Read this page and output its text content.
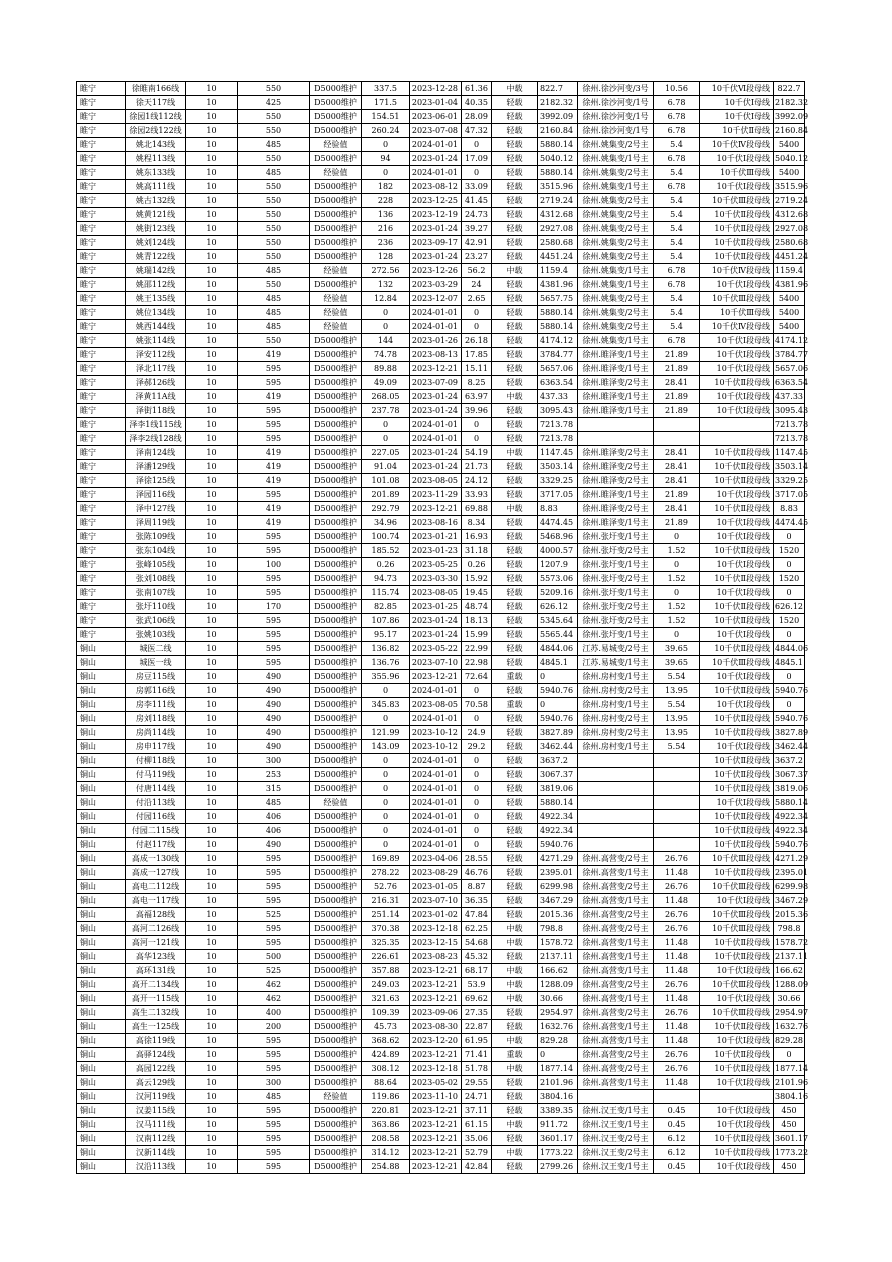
睢宁	徐睢南166线	10	550	D5000维护	337.5	2023-12-28	61.36	中载	822.7	徐州.徐沙河变/3号	10.56	10千伏Ⅵ段母线	822.7
睢宁	徐天117线	10	425	D5000维护	171.5	2023-01-04	40.35	轻载	2182.32	徐州.徐沙河变/1号	6.78	10千伏Ⅰ母线	2182.32
睢宁	徐园1线112线	10	550	D5000维护	154.51	2023-06-01	28.09	轻载	3992.09	徐州.徐沙河变/1号	6.78	10千伏Ⅰ母线	3992.09
睢宁	徐园2线122线	10	550	D5000维护	260.24	2023-07-08	47.32	轻载	2160.84	徐州.徐沙河变/1号	6.78	10千伏Ⅱ母线	2160.84
睢宁	姚北143线	10	485	经验值	0	2024-01-01	0	轻载	5880.14	徐州.姚集变/2号主	5.4	10千伏Ⅳ段母线	5400
睢宁	姚程113线	10	550	D5000维护	94	2023-01-24	17.09	轻载	5040.12	徐州.姚集变/1号主	6.78	10千伏Ⅰ段母线	5040.12
睢宁	姚东133线	10	485	经验值	0	2024-01-01	0	轻载	5880.14	徐州.姚集变/2号主	5.4	10千伏Ⅲ母线	5400
睢宁	姚高111线	10	550	D5000维护	182	2023-08-12	33.09	轻载	3515.96	徐州.姚集变/1号主	6.78	10千伏Ⅰ段母线	3515.96
睢宁	姚古132线	10	550	D5000维护	228	2023-12-25	41.45	轻载	2719.24	徐州.姚集变/2号主	5.4	10千伏Ⅲ段母线	2719.24
睢宁	姚黄121线	10	550	D5000维护	136	2023-12-19	24.73	轻载	4312.68	徐州.姚集变/2号主	5.4	10千伏Ⅱ段母线	4312.68
睢宁	姚街123线	10	550	D5000维护	216	2023-01-24	39.27	轻载	2927.08	徐州.姚集变/2号主	5.4	10千伏Ⅱ段母线	2927.08
睢宁	姚刘124线	10	550	D5000维护	236	2023-09-17	42.91	轻载	2580.68	徐州.姚集变/2号主	5.4	10千伏Ⅱ段母线	2580.68
睢宁	姚青122线	10	550	D5000维护	128	2023-01-24	23.27	轻载	4451.24	徐州.姚集变/2号主	5.4	10千伏Ⅱ段母线	4451.24
睢宁	姚瑞142线	10	485	经验值	272.56	2023-12-26	56.2	中载	1159.4	徐州.姚集变/1号主	6.78	10千伏Ⅳ段母线	1159.4
睢宁	姚邵112线	10	550	D5000维护	132	2023-03-29	24	轻载	4381.96	徐州.姚集变/1号主	6.78	10千伏Ⅰ段母线	4381.96
睢宁	姚王135线	10	485	经验值	12.84	2023-12-07	2.65	轻载	5657.75	徐州.姚集变/2号主	5.4	10千伏Ⅲ段母线	5400
睢宁	姚位134线	10	485	经验值	0	2024-01-01	0	轻载	5880.14	徐州.姚集变/2号主	5.4	10千伏Ⅲ母线	5400
睢宁	姚西144线	10	485	经验值	0	2024-01-01	0	轻载	5880.14	徐州.姚集变/2号主	5.4	10千伏Ⅳ段母线	5400
睢宁	姚张114线	10	550	D5000维护	144	2023-01-26	26.18	轻载	4174.12	徐州.姚集变/1号主	6.78	10千伏Ⅰ段母线	4174.12
睢宁	泽安112线	10	419	D5000维护	74.78	2023-08-13	17.85	轻载	3784.77	徐州.睢泽变/1号主	21.89	10千伏Ⅰ段母线	3784.77
睢宁	泽北117线	10	595	D5000维护	89.88	2023-12-21	15.11	轻载	5657.06	徐州.睢泽变/1号主	21.89	10千伏Ⅰ段母线	5657.06
睢宁	泽郝126线	10	595	D5000维护	49.09	2023-07-09	8.25	轻载	6363.54	徐州.睢泽变/2号主	28.41	10千伏Ⅱ段母线	6363.54
睢宁	泽黄11A线	10	419	D5000维护	268.05	2023-01-24	63.97	中载	437.33	徐州.睢泽变/1号主	21.89	10千伏Ⅰ段母线	437.33
睢宁	泽街118线	10	595	D5000维护	237.78	2023-01-24	39.96	轻载	3095.43	徐州.睢泽变/1号主	21.89	10千伏Ⅰ段母线	3095.43
睢宁	泽李1线115线	10	595	D5000维护	0	2024-01-01	0	轻载	7213.78				7213.78
睢宁	泽李2线128线	10	595	D5000维护	0	2024-01-01	0	轻载	7213.78				7213.78
睢宁	泽南124线	10	419	D5000维护	227.05	2023-01-24	54.19	中载	1147.45	徐州.睢泽变/2号主	28.41	10千伏Ⅱ段母线	1147.45
睢宁	泽潘129线	10	419	D5000维护	91.04	2023-01-24	21.73	轻载	3503.14	徐州.睢泽变/2号主	28.41	10千伏Ⅱ段母线	3503.14
睢宁	泽徐125线	10	419	D5000维护	101.08	2023-08-05	24.12	轻载	3329.25	徐州.睢泽变/2号主	28.41	10千伏Ⅱ段母线	3329.25
睢宁	泽园116线	10	595	D5000维护	201.89	2023-11-29	33.93	轻载	3717.05	徐州.睢泽变/1号主	21.89	10千伏Ⅰ段母线	3717.05
睢宁	泽中127线	10	419	D5000维护	292.79	2023-12-21	69.88	中载	8.83	徐州.睢泽变/2号主	28.41	10千伏Ⅱ段母线	8.83
睢宁	泽周119线	10	419	D5000维护	34.96	2023-08-16	8.34	轻载	4474.45	徐州.睢泽变/1号主	21.89	10千伏Ⅰ段母线	4474.45
睢宁	张陈109线	10	595	D5000维护	100.74	2023-01-21	16.93	轻载	5468.96	徐州.张圩变/1号主	0	10千伏Ⅰ段母线	0
睢宁	张东104线	10	595	D5000维护	185.52	2023-01-23	31.18	轻载	4000.57	徐州.张圩变/2号主	1.52	10千伏Ⅱ段母线	1520
睢宁	张峰105线	10	100	D5000维护	0.26	2023-05-25	0.26	轻载	1207.9	徐州.张圩变/1号主	0	10千伏Ⅰ段母线	0
睢宁	张刘108线	10	595	D5000维护	94.73	2023-03-30	15.92	轻载	5573.06	徐州.张圩变/2号主	1.52	10千伏Ⅱ段母线	1520
睢宁	张南107线	10	595	D5000维护	115.74	2023-08-05	19.45	轻载	5209.16	徐州.张圩变/1号主	0	10千伏Ⅰ段母线	0
睢宁	张圩110线	10	170	D5000维护	82.85	2023-01-25	48.74	轻载	626.12	徐州.张圩变/2号主	1.52	10千伏Ⅱ段母线	626.12
睢宁	张武106线	10	595	D5000维护	107.86	2023-01-24	18.13	轻载	5345.64	徐州.张圩变/2号主	1.52	10千伏Ⅱ段母线	1520
睢宁	张姚103线	10	595	D5000维护	95.17	2023-01-24	15.99	轻载	5565.44	徐州.张圩变/1号主	0	10千伏Ⅰ段母线	0
铜山	城医二线	10	595	D5000维护	136.82	2023-05-22	22.99	轻载	4844.06	江苏.易城变/2号主	39.65	10千伏Ⅱ段母线	4844.06
铜山	城医一线	10	595	D5000维护	136.76	2023-07-10	22.98	轻载	4845.1	江苏.易城变/1号主	39.65	10千伏Ⅲ段母线	4845.1
铜山	房豆115线	10	490	D5000维护	355.96	2023-12-21	72.64	重载	0	徐州.房村变/1号主	5.54	10千伏Ⅰ段母线	0
铜山	房郭116线	10	490	D5000维护	0	2024-01-01	0	轻载	5940.76	徐州.房村变/2号主	13.95	10千伏Ⅱ段母线	5940.76
铜山	房李111线	10	490	D5000维护	345.83	2023-08-05	70.58	重载	0	徐州.房村变/1号主	5.54	10千伏Ⅰ段母线	0
铜山	房刘118线	10	490	D5000维护	0	2024-01-01	0	轻载	5940.76	徐州.房村变/2号主	13.95	10千伏Ⅱ段母线	5940.76
铜山	房尚114线	10	490	D5000维护	121.99	2023-10-12	24.9	轻载	3827.89	徐州.房村变/2号主	13.95	10千伏Ⅱ段母线	3827.89
铜山	房申117线	10	490	D5000维护	143.09	2023-10-12	29.2	轻载	3462.44	徐州.房村变/1号主	5.54	10千伏Ⅰ段母线	3462.44
铜山	付柳118线	10	300	D5000维护	0	2024-01-01	0	轻载	3637.2			10千伏Ⅱ段母线	3637.2
铜山	付马119线	10	253	D5000维护	0	2024-01-01	0	轻载	3067.37			10千伏Ⅱ段母线	3067.37
铜山	付唐114线	10	315	D5000维护	0	2024-01-01	0	轻载	3819.06			10千伏Ⅱ段母线	3819.06
铜山	付沿113线	10	485	经验值	0	2024-01-01	0	轻载	5880.14			10千伏Ⅰ段母线	5880.14
铜山	付园116线	10	406	D5000维护	0	2024-01-01	0	轻载	4922.34			10千伏Ⅱ段母线	4922.34
铜山	付园二115线	10	406	D5000维护	0	2024-01-01	0	轻载	4922.34			10千伏Ⅱ段母线	4922.34
铜山	付赵117线	10	490	D5000维护	0	2024-01-01	0	轻载	5940.76			10千伏Ⅱ段母线	5940.76
铜山	高成一130线	10	595	D5000维护	169.89	2023-04-06	28.55	轻载	4271.29	徐州.高营变/2号主	26.76	10千伏Ⅲ段母线	4271.29
铜山	高成一127线	10	595	D5000维护	278.22	2023-08-29	46.76	轻载	2395.01	徐州.高营变/1号主	11.48	10千伏Ⅱ段母线	2395.01
铜山	高电二112线	10	595	D5000维护	52.76	2023-01-05	8.87	轻载	6299.98	徐州.高营变/2号主	26.76	10千伏Ⅲ段母线	6299.98
铜山	高电一117线	10	595	D5000维护	216.31	2023-07-10	36.35	轻载	3467.29	徐州.高营变/1号主	11.48	10千伏Ⅰ段母线	3467.29
铜山	高福128线	10	525	D5000维护	251.14	2023-01-02	47.84	轻载	2015.36	徐州.高营变/2号主	26.76	10千伏Ⅲ段母线	2015.36
铜山	高河二126线	10	595	D5000维护	370.38	2023-12-18	62.25	中载	798.8	徐州.高营变/2号主	26.76	10千伏Ⅲ段母线	798.8
铜山	高河一121线	10	595	D5000维护	325.35	2023-12-15	54.68	中载	1578.72	徐州.高营变/1号主	11.48	10千伏Ⅱ段母线	1578.72
铜山	高华123线	10	500	D5000维护	226.61	2023-08-23	45.32	轻载	2137.11	徐州.高营变/1号主	11.48	10千伏Ⅱ段母线	2137.11
铜山	高环131线	10	525	D5000维护	357.88	2023-12-21	68.17	中载	166.62	徐州.高营变/1号主	11.48	10千伏Ⅰ段母线	166.62
铜山	高开二134线	10	462	D5000维护	249.03	2023-12-21	53.9	中载	1288.09	徐州.高营变/2号主	26.76	10千伏Ⅲ段母线	1288.09
铜山	高开一115线	10	462	D5000维护	321.63	2023-12-21	69.62	中载	30.66	徐州.高营变/1号主	11.48	10千伏Ⅰ段母线	30.66
铜山	高生二132线	10	400	D5000维护	109.39	2023-09-06	27.35	轻载	2954.97	徐州.高营变/2号主	26.76	10千伏Ⅲ段母线	2954.97
铜山	高生一125线	10	200	D5000维护	45.73	2023-08-30	22.87	轻载	1632.76	徐州.高营变/1号主	11.48	10千伏Ⅱ段母线	1632.76
铜山	高徐119线	10	595	D5000维护	368.62	2023-12-20	61.95	中载	829.28	徐州.高营变/1号主	11.48	10千伏Ⅰ段母线	829.28
铜山	高驿124线	10	595	D5000维护	424.89	2023-12-21	71.41	重载	0	徐州.高营变/2号主	26.76	10千伏Ⅱ段母线	0
铜山	高园122线	10	595	D5000维护	308.12	2023-12-18	51.78	中载	1877.14	徐州.高营变/2号主	26.76	10千伏Ⅱ段母线	1877.14
铜山	高云129线	10	300	D5000维护	88.64	2023-05-02	29.55	轻载	2101.96	徐州.高营变/1号主	11.48	10千伏Ⅰ段母线	2101.96
铜山	汉河119线	10	485	经验值	119.86	2023-11-10	24.71	轻载	3804.16				3804.16
铜山	汉姜115线	10	595	D5000维护	220.81	2023-12-21	37.11	轻载	3389.35	徐州.汉王变/1号主	0.45	10千伏Ⅰ段母线	450
铜山	汉马111线	10	595	D5000维护	363.86	2023-12-21	61.15	中载	911.72	徐州.汉王变/1号主	0.45	10千伏Ⅰ段母线	450
铜山	汉南112线	10	595	D5000维护	208.58	2023-12-21	35.06	轻载	3601.17	徐州.汉王变/2号主	6.12	10千伏Ⅱ段母线	3601.17
铜山	汉新114线	10	595	D5000维护	314.12	2023-12-21	52.79	中载	1773.22	徐州.汉王变/2号主	6.12	10千伏Ⅱ段母线	1773.22
铜山	汉沿113线	10	595	D5000维护	254.88	2023-12-21	42.84	轻载	2799.26	徐州.汉王变/1号主	0.45	10千伏Ⅰ段母线	450
